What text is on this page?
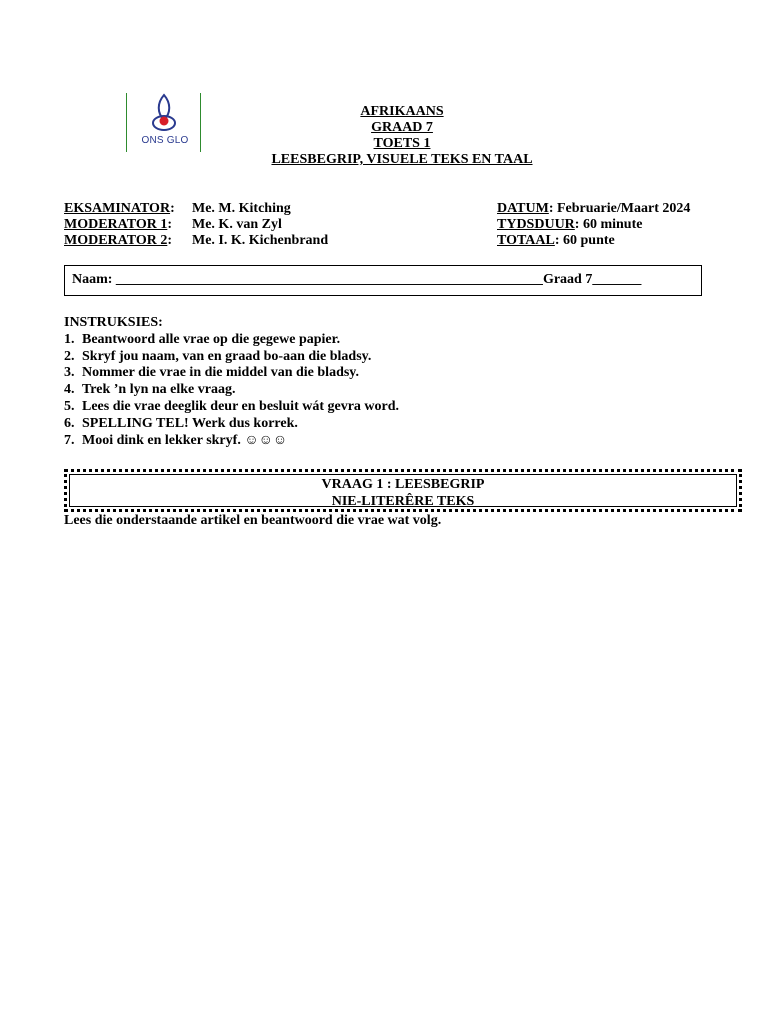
ONS GLO
AFRIKAANS
GRAAD 7
TOETS 1
LEESBEGRIP, VISUELE TEKS EN TAAL
EKSAMINATOR: Me. M. Kitching
MODERATOR 1: Me. K. van Zyl
MODERATOR 2: Me. I. K. Kichenbrand
DATUM: Februarie/Maart 2024
TYDSDUUR: 60 minute
TOTAAL: 60 punte
Naam: _____________________________________________________________Graad 7_______
INSTRUKSIES:
1. Beantwoord alle vrae op die gegewe papier.
2. Skryf jou naam, van en graad bo-aan die bladsy.
3. Nommer die vrae in die middel van die bladsy.
4. Trek ’n lyn na elke vraag.
5. Lees die vrae deeglik deur en besluit wát gevra word.
6. SPELLING TEL! Werk dus korrek.
7. Mooi dink en lekker skryf. ☺☺☺
VRAAG 1 : LEESBEGRIP
NIE-LITERÊRE TEKS
Lees die onderstaande artikel en beantwoord die vrae wat volg.
